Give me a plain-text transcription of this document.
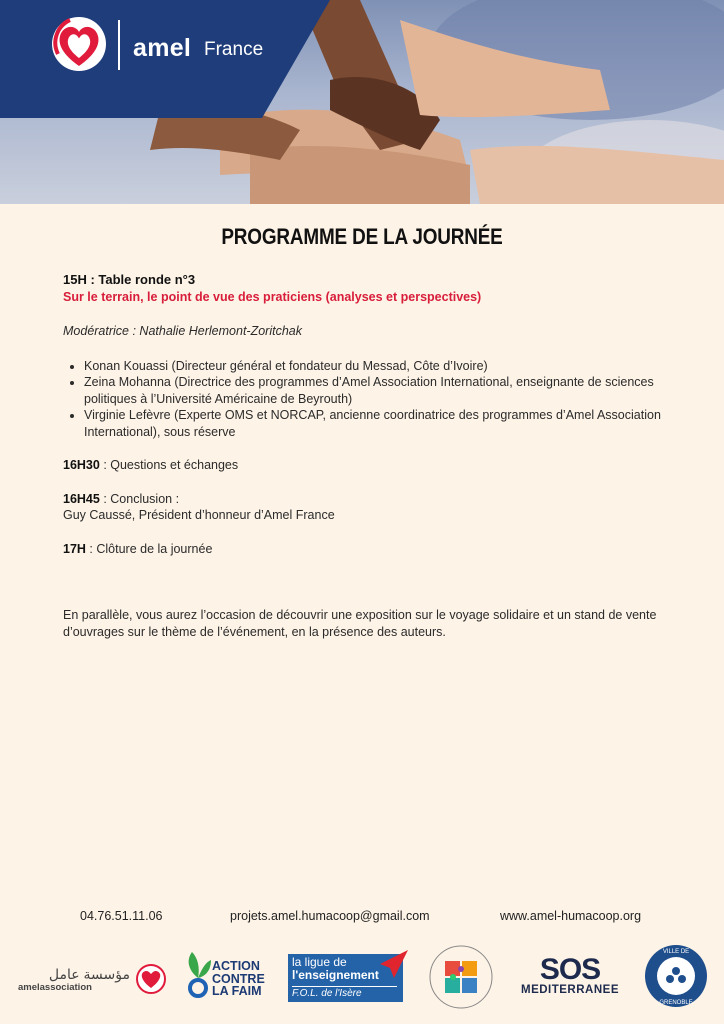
amel France
PROGRAMME DE LA JOURNÉE
15H : Table ronde n°3
Sur le terrain, le point de vue des praticiens (analyses et perspectives)
Modératrice : Nathalie Herlemont-Zoritchak
• Konan Kouassi (Directeur général et fondateur du Messad, Côte d’Ivoire)
• Zeina Mohanna (Directrice des programmes d’Amel Association International, enseignante de sciences politiques à l’Université Américaine de Beyrouth)
• Virginie Lefèvre (Experte OMS et NORCAP, ancienne coordinatrice des programmes d’Amel Association International), sous réserve
16H30 : Questions et échanges
16H45 : Conclusion :
Guy Caussé, Président d’honneur d’Amel France
17H : Clôture de la journée
En parallèle, vous aurez l’occasion de découvrir une exposition sur le voyage solidaire et un stand de vente d’ouvrages sur le thème de l’événement, en la présence des auteurs.
04.76.51.11.06	projets.amel.humacoop@gmail.com	www.amel-humacoop.org
مؤسسة عامل
amelassociation
ACTION
CONTRE
LA FAIM
la ligue de
l'enseignement
F.O.L. de l'Isère
SOS
MEDITERRANEE
VILLE DE
GRENOBLE
